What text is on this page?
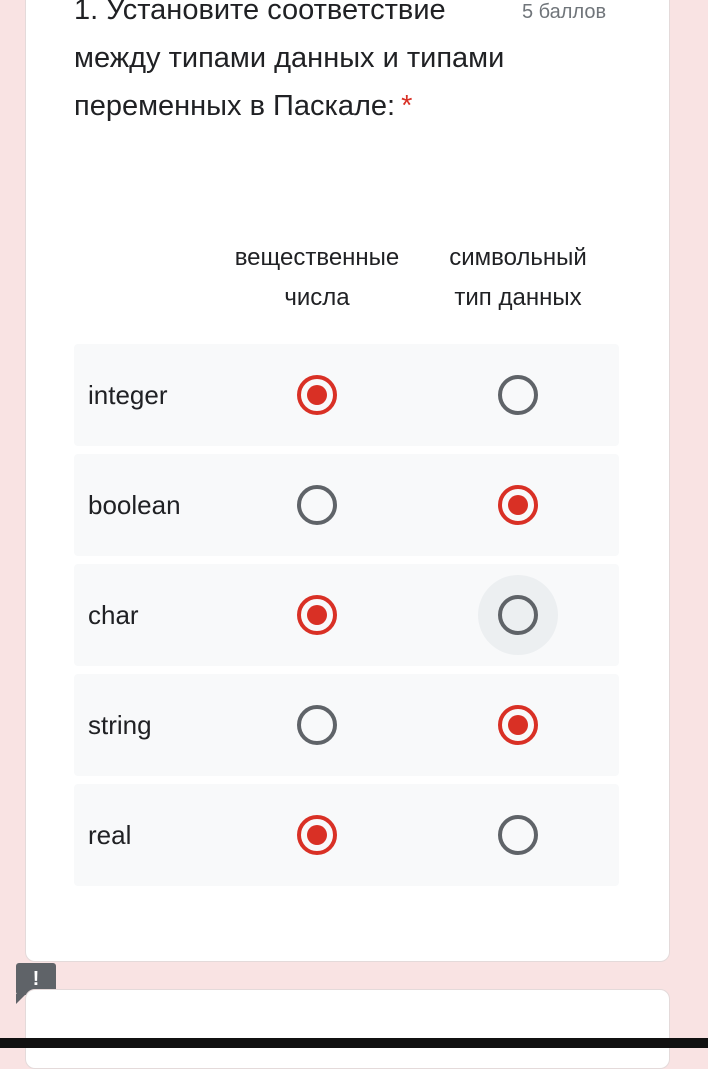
1. Установите соответствие между типами данных и типами переменных в Паскале: *
5 баллов
вещественные
числа
символьный
тип данных
integer
boolean
char
string
real
!
